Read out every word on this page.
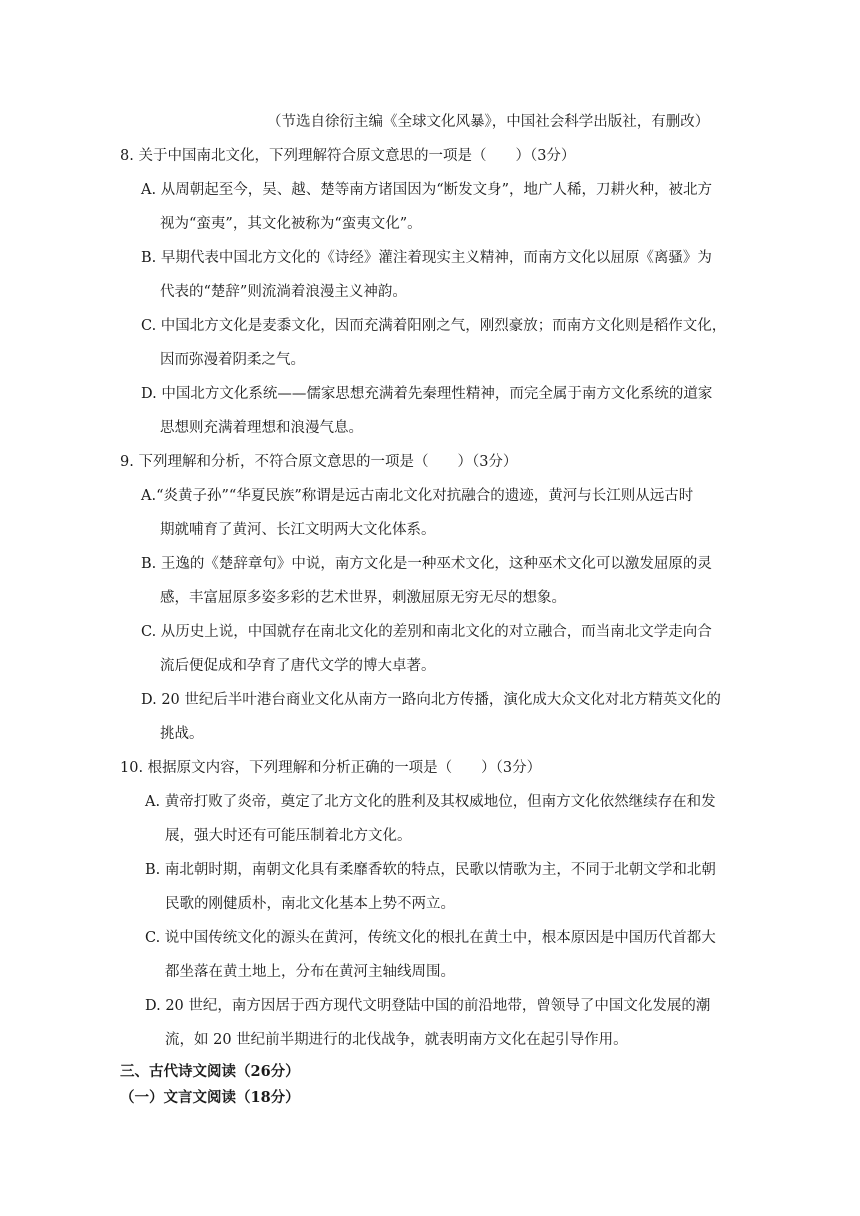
（节选自徐衍主编《全球文化风暴》，中国社会科学出版社，有删改）
8. 关于中国南北文化，下列理解符合原文意思的一项是（　　）（3分）
A. 从周朝起至今，吴、越、楚等南方诸国因为“断发文身”，地广人稀，刀耕火种，被北方
视为“蛮夷”，其文化被称为“蛮夷文化”。
B. 早期代表中国北方文化的《诗经》灌注着现实主义精神，而南方文化以屈原《离骚》为
代表的“楚辞”则流淌着浪漫主义神韵。
C. 中国北方文化是麦黍文化，因而充满着阳刚之气，刚烈豪放；而南方文化则是稻作文化，
因而弥漫着阴柔之气。
D. 中国北方文化系统——儒家思想充满着先秦理性精神，而完全属于南方文化系统的道家
思想则充满着理想和浪漫气息。
9. 下列理解和分析，不符合原文意思的一项是（　　）（3分）
A.“炎黄子孙”“华夏民族”称谓是远古南北文化对抗融合的遗迹，黄河与长江则从远古时
期就哺育了黄河、长江文明两大文化体系。
B. 王逸的《楚辞章句》中说，南方文化是一种巫术文化，这种巫术文化可以激发屈原的灵
感，丰富屈原多姿多彩的艺术世界，刺激屈原无穷无尽的想象。
C. 从历史上说，中国就存在南北文化的差别和南北文化的对立融合，而当南北文学走向合
流后便促成和孕育了唐代文学的博大卓著。
D. 20 世纪后半叶港台商业文化从南方一路向北方传播，演化成大众文化对北方精英文化的
挑战。
10. 根据原文内容，下列理解和分析正确的一项是（　　）（3分）
A. 黄帝打败了炎帝，奠定了北方文化的胜利及其权威地位，但南方文化依然继续存在和发
展，强大时还有可能压制着北方文化。
B. 南北朝时期，南朝文化具有柔靡香软的特点，民歌以情歌为主，不同于北朝文学和北朝
民歌的刚健质朴，南北文化基本上势不两立。
C. 说中国传统文化的源头在黄河，传统文化的根扎在黄土中，根本原因是中国历代首都大
都坐落在黄土地上，分布在黄河主轴线周围。
D. 20 世纪，南方因居于西方现代文明登陆中国的前沿地带，曾领导了中国文化发展的潮
流，如 20 世纪前半期进行的北伐战争，就表明南方文化在起引导作用。
三、古代诗文阅读（26分）
（一）文言文阅读（18分）
